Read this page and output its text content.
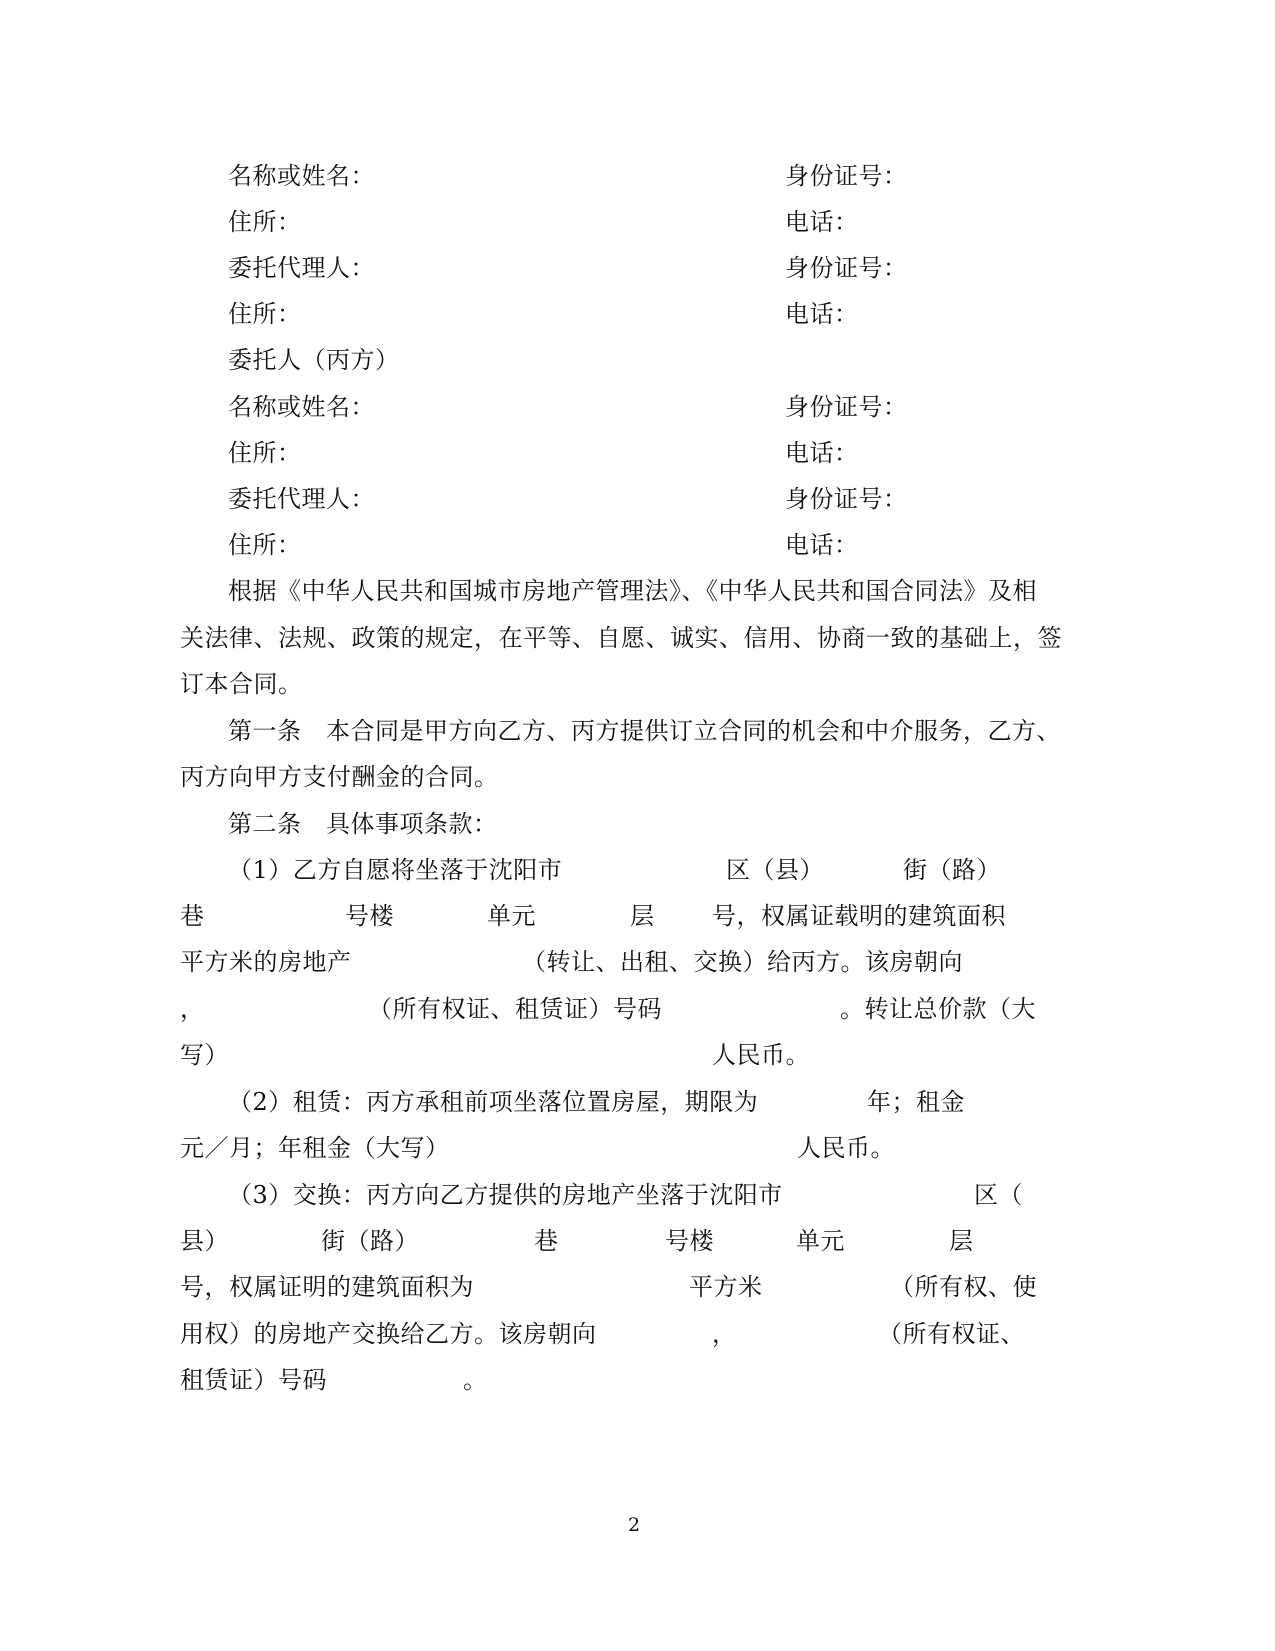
名称或姓名：	身份证号：
住所：	电话：
委托代理人：	身份证号：
住所：	电话：
委托人（丙方）
名称或姓名：	身份证号：
住所：	电话：
委托代理人：	身份证号：
住所：	电话：
根据《中华人民共和国城市房地产管理法》、《中华人民共和国合同法》及相
关法律、法规、政策的规定，在平等、自愿、诚实、信用、协商一致的基础上，签
订本合同。
第一条　本合同是甲方向乙方、丙方提供订立合同的机会和中介服务，乙方、
丙方向甲方支付酬金的合同。
第二条　具体事项条款：
（1）乙方自愿将坐落于沈阳市	区（县）	街（路）
巷	号楼	单元	层 号，权属证载明的建筑面积
平方米的房地产	（转让、出租、交换）给丙方。该房朝向
，	（所有权证、租赁证）号码	。转让总价款（大
写）	人民币。
（2）租赁：丙方承租前项坐落位置房屋，期限为	年；租金
元／月；年租金（大写）	人民币。
（3）交换：丙方向乙方提供的房地产坐落于沈阳市	区（
县）	街（路）	巷	号楼	单元	层
号，权属证明的建筑面积为	平方米	（所有权、使
用权）的房地产交换给乙方。该房朝向	，	（所有权证、
租赁证）号码	。
2
